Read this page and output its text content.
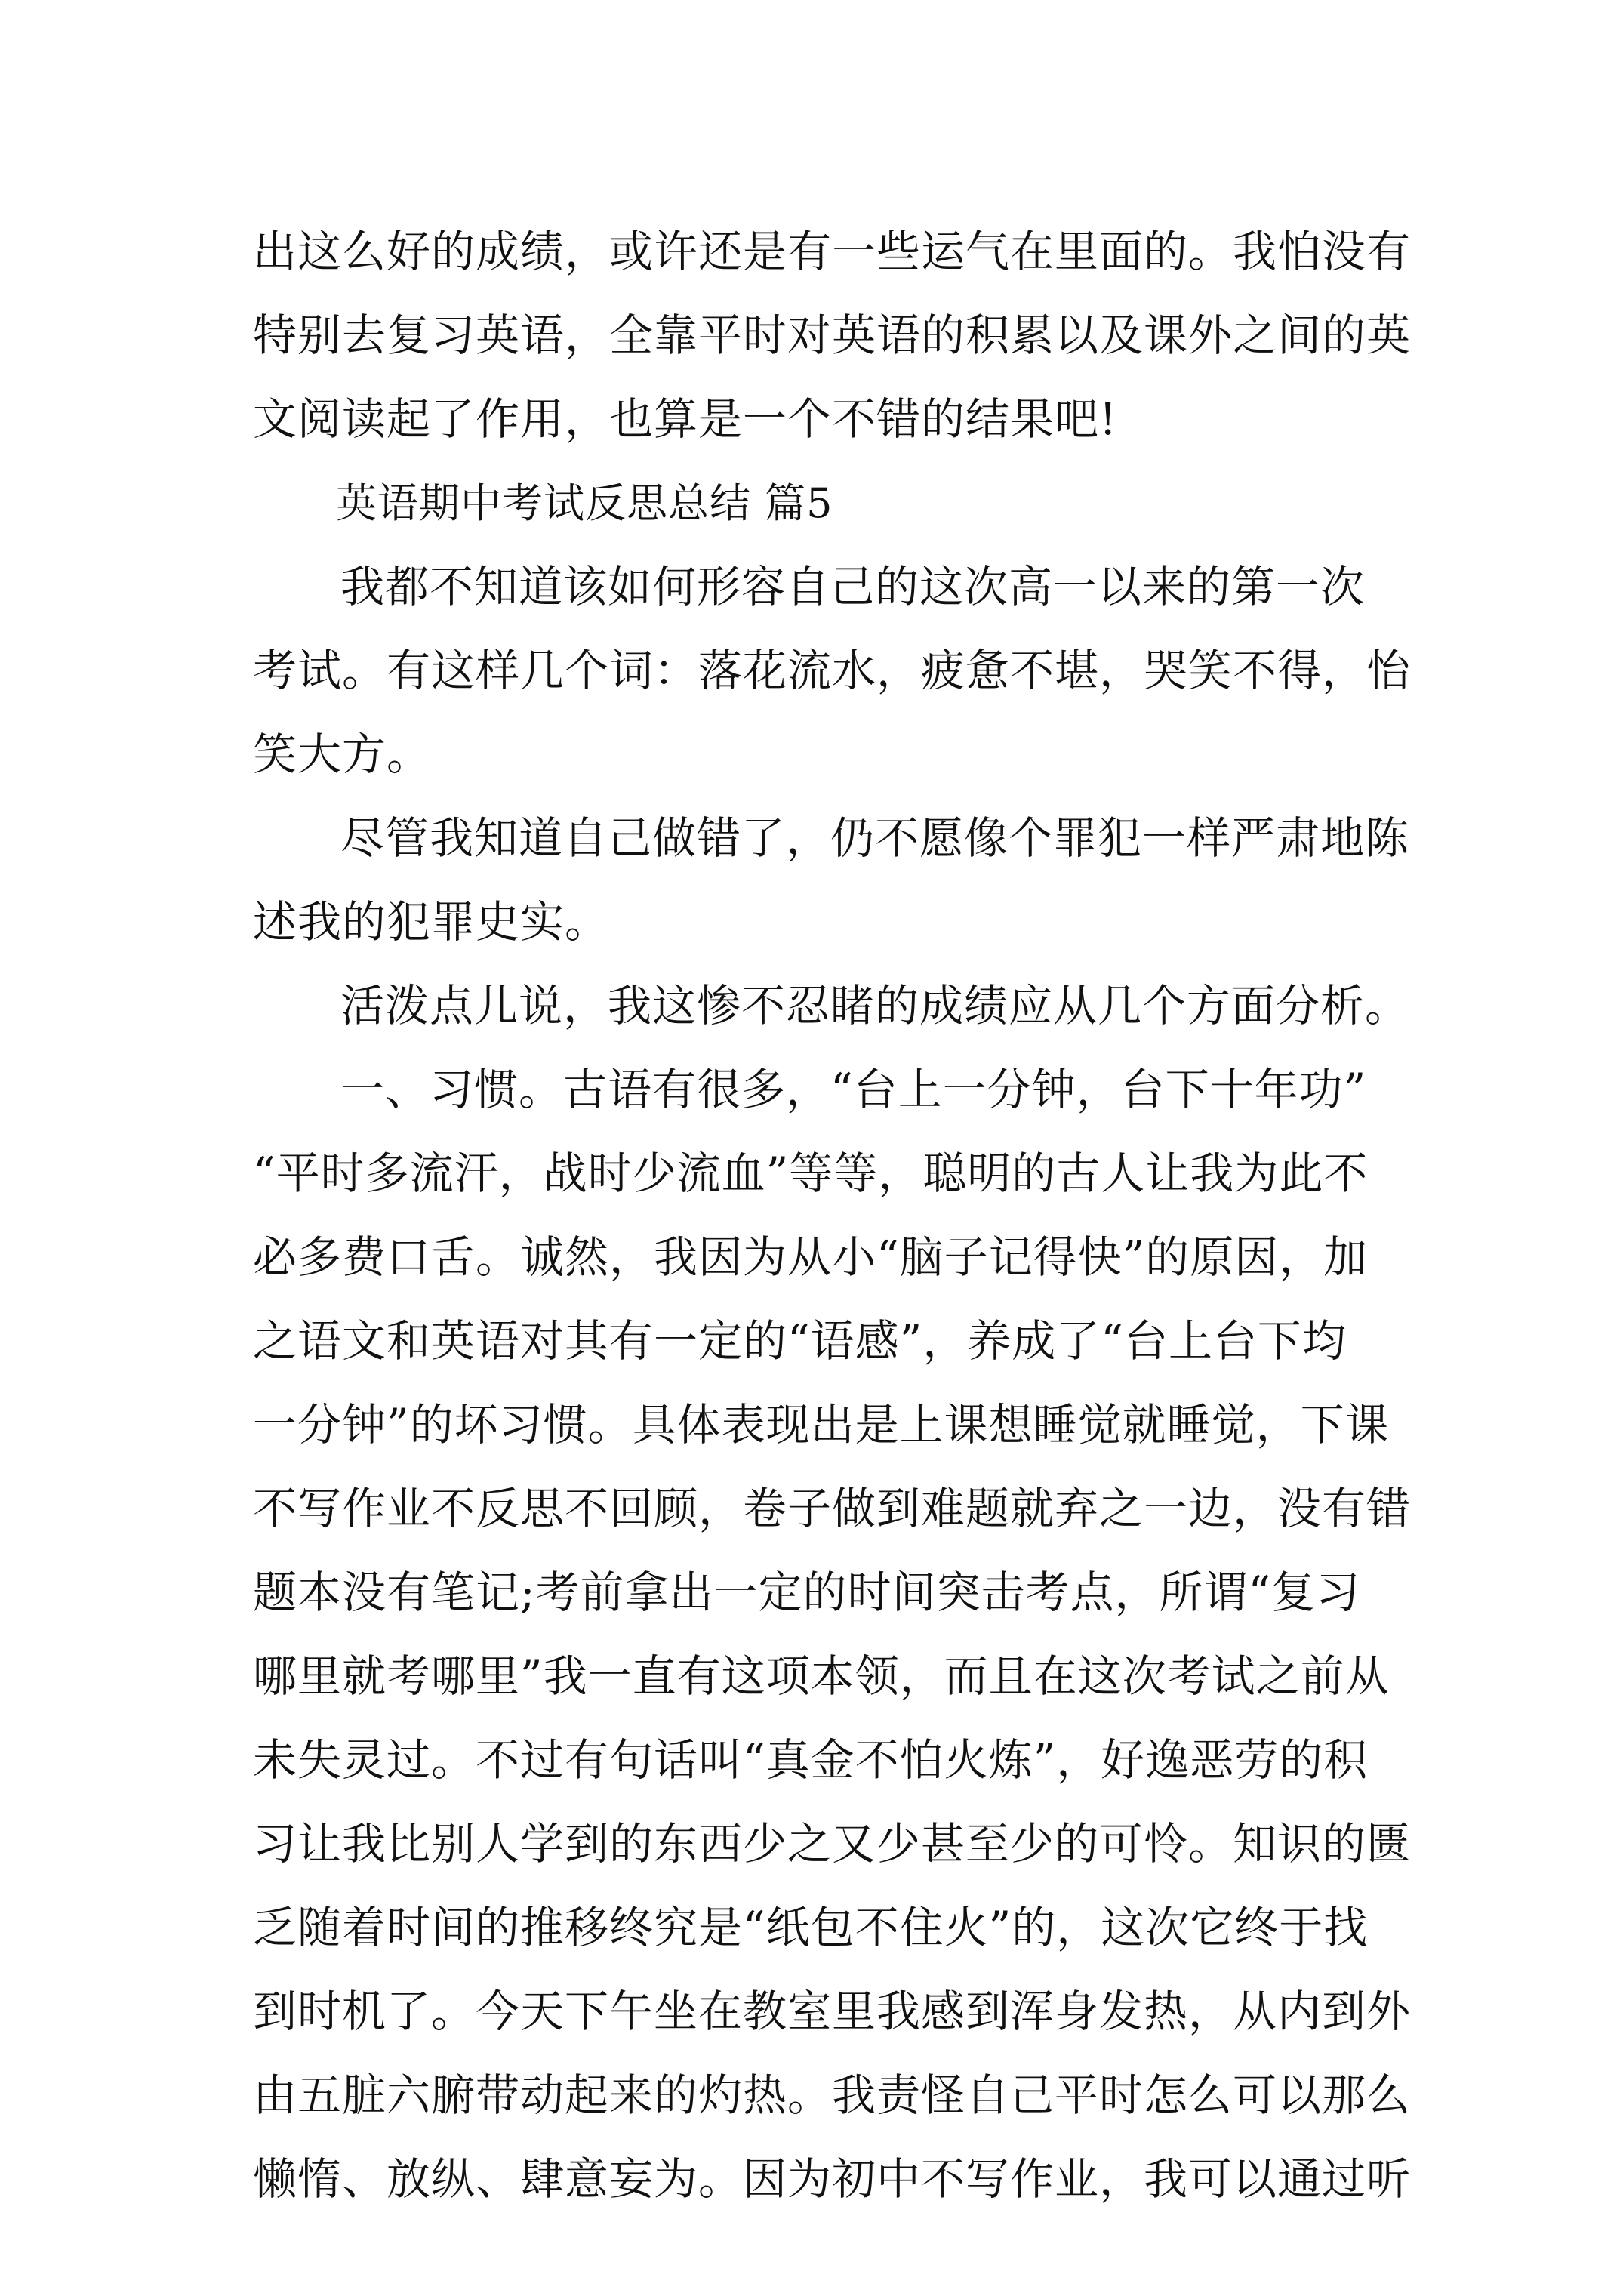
出这么好的成绩，或许还是有一些运气在里面的。我怕没有
特别去复习英语，全靠平时对英语的积累以及课外之间的英
文阅读起了作用，也算是一个不错的结果吧!
英语期中考试反思总结 篇5
我都不知道该如何形容自己的这次高一以来的第一次
考试。有这样几个词：落花流水，疲惫不堪，哭笑不得，怡
笑大方。
尽管我知道自己做错了，仍不愿像个罪犯一样严肃地陈
述我的犯罪史实。
活泼点儿说，我这惨不忍睹的成绩应从几个方面分析。
一、习惯。古语有很多，“台上一分钟，台下十年功”
“平时多流汗，战时少流血”等等，聪明的古人让我为此不
必多费口舌。诚然，我因为从小“脑子记得快”的原因，加
之语文和英语对其有一定的“语感”，养成了“台上台下均
一分钟”的坏习惯。具体表现出是上课想睡觉就睡觉，下课
不写作业不反思不回顾，卷子做到难题就弃之一边，没有错
题本没有笔记;考前拿出一定的时间突击考点，所谓“复习
哪里就考哪里”我一直有这项本领，而且在这次考试之前从
未失灵过。不过有句话叫“真金不怕火炼”，好逸恶劳的积
习让我比别人学到的东西少之又少甚至少的可怜。知识的匮
乏随着时间的推移终究是“纸包不住火”的，这次它终于找
到时机了。今天下午坐在教室里我感到浑身发热，从内到外
由五脏六腑带动起来的灼热。我责怪自己平时怎么可以那么
懒惰、放纵、肆意妄为。因为初中不写作业，我可以通过听
